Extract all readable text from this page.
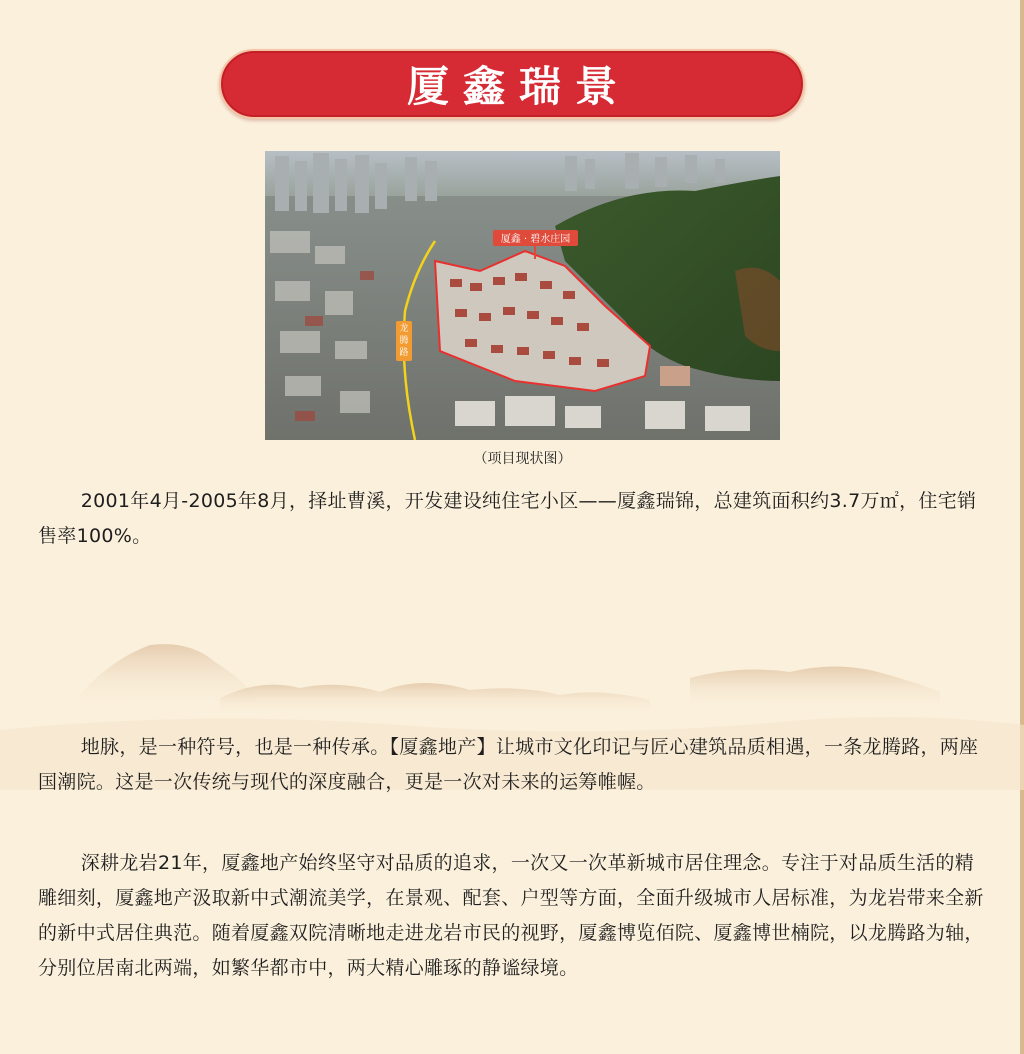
厦鑫瑞景
龙
腾
路
厦鑫 · 碧水庄园
（项目现状图）

2001年4月-2005年8月，择址曹溪，开发建设纯住宅小区——厦鑫瑞锦，总建筑面积约3.7万㎡，住宅销售率100%。

地脉，是一种符号，也是一种传承。【厦鑫地产】让城市文化印记与匠心建筑品质相遇，一条龙腾路，两座国潮院。这是一次传统与现代的深度融合，更是一次对未来的运筹帷幄。

深耕龙岩21年，厦鑫地产始终坚守对品质的追求，一次又一次革新城市居住理念。专注于对品质生活的精雕细刻，厦鑫地产汲取新中式潮流美学，在景观、配套、户型等方面，全面升级城市人居标准，为龙岩带来全新的新中式居住典范。随着厦鑫双院清晰地走进龙岩市民的视野，厦鑫博览佰院、厦鑫博世楠院，以龙腾路为轴，分别位居南北两端，如繁华都市中，两大精心雕琢的静谧绿境。
